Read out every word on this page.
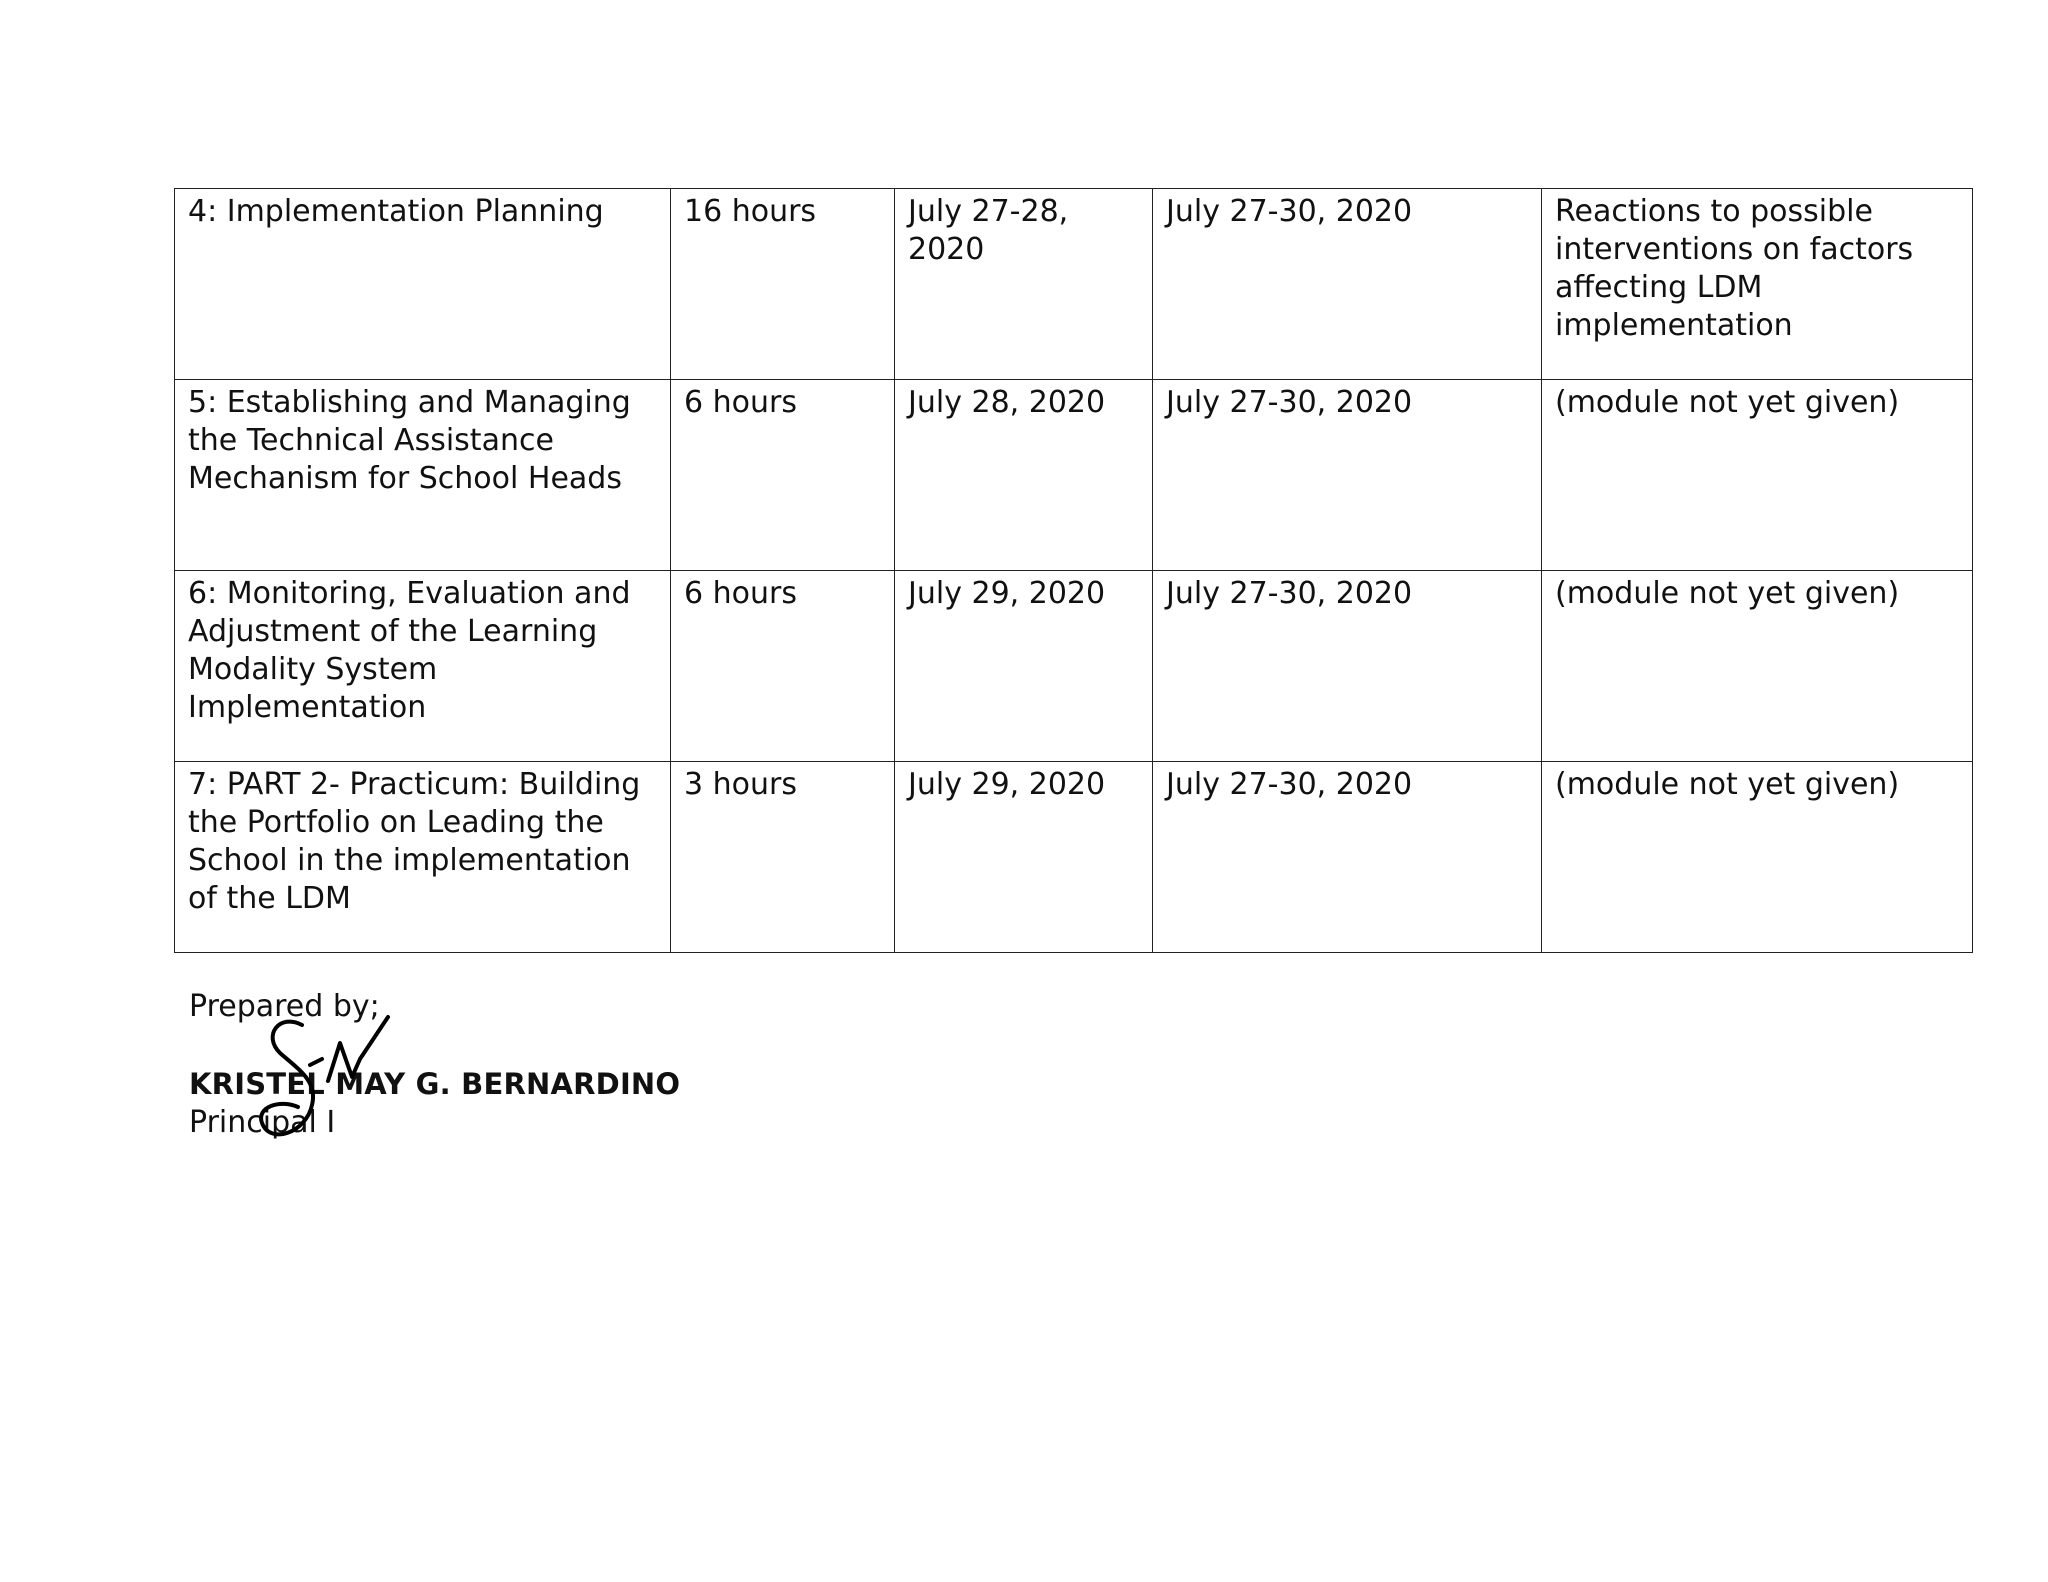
4: Implementation Planning	16 hours	July 27-28, 2020	July 27-30, 2020	Reactions to possible interventions on factors affecting LDM implementation
5: Establishing and Managing the Technical Assistance Mechanism for School Heads	6 hours	July 28, 2020	July 27-30, 2020	(module not yet given)
6: Monitoring, Evaluation and Adjustment of the Learning Modality System Implementation	6 hours	July 29, 2020	July 27-30, 2020	(module not yet given)
7: PART 2- Practicum: Building the Portfolio on Leading the School in the implementation of the LDM	3 hours	July 29, 2020	July 27-30, 2020	(module not yet given)
Prepared by;
KRISTEL MAY G. BERNARDINO
Principal I
